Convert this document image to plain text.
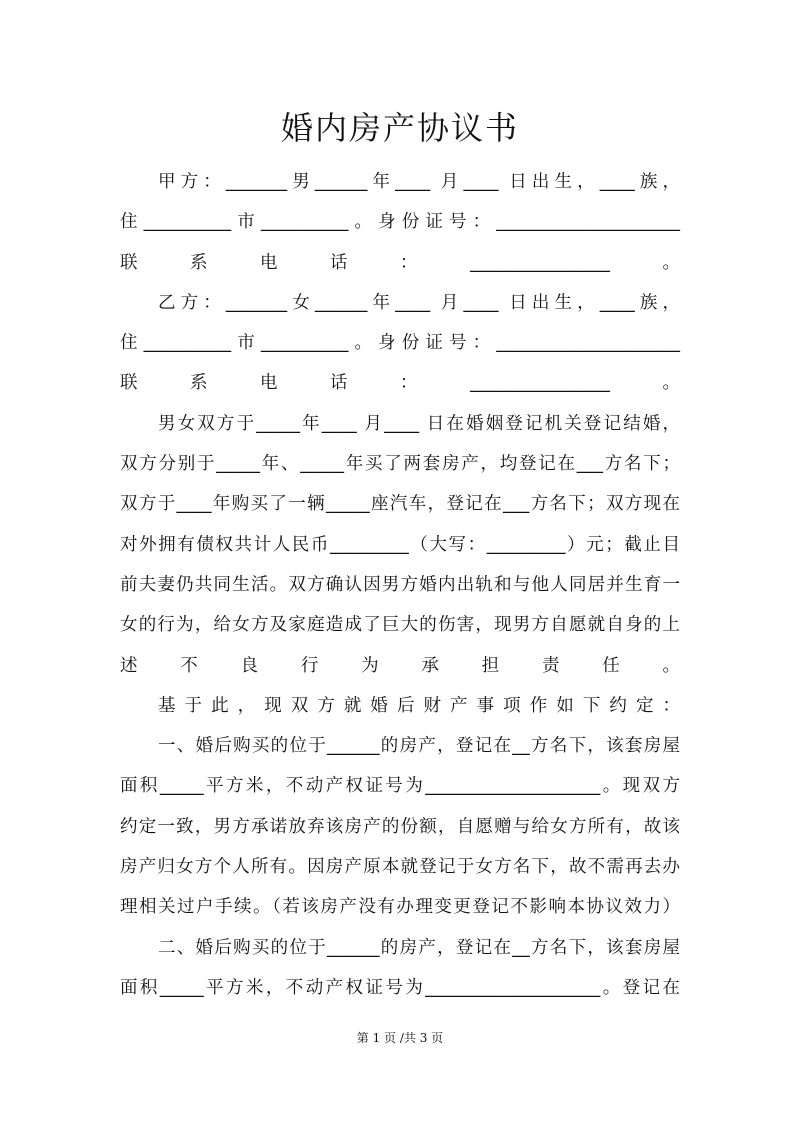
婚内房产协议书
甲方：_______男______年____ 月____ 日出生，____族，
住__________市__________。身份证号：_____________________
联系电话：________________。
乙方：_______女______年____ 月____ 日出生，____族，
住__________市__________。身份证号：_____________________
联系电话：________________。
男女双方于_____年____ 月____ 日在婚姻登记机关登记结婚，
双方分别于_____年、_____年买了两套房产，均登记在___方名下；
双方于____年购买了一辆_____座汽车，登记在___方名下；双方现在
对外拥有债权共计人民币_________（大写：_________）元；截止目
前夫妻仍共同生活。双方确认因男方婚内出轨和与他人同居并生育一
女的行为，给女方及家庭造成了巨大的伤害，现男方自愿就自身的上
述不良行为承担责任。
基于此，现双方就婚后财产事项作如下约定：
一、婚后购买的位于______的房产，登记在__方名下，该套房屋
面积_____平方米，不动产权证号为____________________。现双方
约定一致，男方承诺放弃该房产的份额，自愿赠与给女方所有，故该
房产归女方个人所有。因房产原本就登记于女方名下，故不需再去办
理相关过户手续。（若该房产没有办理变更登记不影响本协议效力）
二、婚后购买的位于______的房产，登记在__方名下，该套房屋
面积_____平方米，不动产权证号为____________________。登记在
第 1 页 /共 3 页
